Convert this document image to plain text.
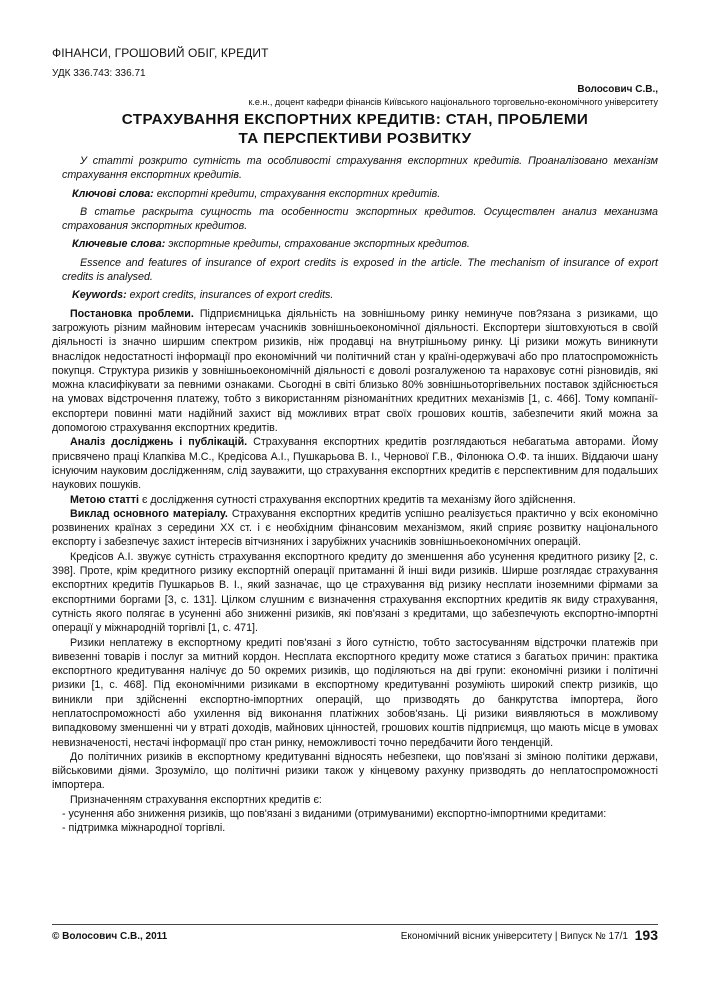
ФІНАНСИ, ГРОШОВИЙ ОБІГ, КРЕДИТ
УДК 336.743: 336.71
Волосович С.В.,
к.е.н., доцент кафедри фінансів Київського національного торговельно-економічного університету
СТРАХУВАННЯ ЕКСПОРТНИХ КРЕДИТІВ: СТАН, ПРОБЛЕМИ
ТА ПЕРСПЕКТИВИ РОЗВИТКУ

У статті розкрито сутність та особливості страхування експортних кредитів. Проаналізовано механізм страхування експортних кредитів.

Ключові слова: експортні кредити, страхування експортних кредитів.

В статье раскрыта сущность та особенности экспортных кредитов. Осуществлен анализ механизма страхования экспортных кредитов.

Ключевые слова: экспортные кредиты, страхование экспортных кредитов.

Essence and features of insurance of export credits is exposed in the article. The mechanism of insurance of export credits is analysed.

Keywords: export credits, insurances of export credits.

Постановка проблеми. Підприємницька діяльність на зовнішньому ринку неминуче пов?язана з ризиками, що загрожують різним майновим інтересам учасників зовнішньоекономічної діяльності. Експортери зіштовхуються в своїй діяльності із значно ширшим спектром ризиків, ніж продавці на внутрішньому ринку. Ці ризики можуть виникнути внаслідок недостатності інформації про економічний чи політичний стан у країні-одержувачі або про платоспроможність покупця. Структура ризиків у зовнішньоекономічній діяльності є доволі розгалуженою та нараховує сотні різновидів, які можна класифікувати за певними ознаками. Сьогодні в світі близько 80% зовнішньоторгівельних поставок здійснюється на умовах відстрочення платежу, тобто з використанням різноманітних кредитних механізмів [1, с. 466]. Тому компанії-експортери повинні мати надійний захист від можливих втрат своїх грошових коштів, забезпечити який можна за допомогою страхування експортних кредитів.

Аналіз досліджень і публікацій. Страхування експортних кредитів розглядаються небагатьма авторами. Йому присвячено праці Клапківа М.С., Кредісова А.І., Пушкарьова В. І., Чернової Г.В., Філонюка О.Ф. та інших. Віддаючи шану існуючим науковим дослідженням, слід зауважити, що страхування експортних кредитів є перспективним для подальших наукових пошуків.

Метою статті є дослідження сутності страхування експортних кредитів та механізму його здійснення.

Виклад основного матеріалу. Страхування експортних кредитів успішно реалізується практично у всіх економічно розвинених країнах з середини ХХ ст. і є необхідним фінансовим механізмом, який сприяє розвитку національного експорту і забезпечує захист інтересів вітчизняних і зарубіжних учасників зовнішньоекономічних операцій.

Кредісов А.І. звужує сутність страхування експортного кредиту до зменшення або усунення кредитного ризику [2, с. 398]. Проте, крім кредитного ризику експортній операції притаманні й інші види ризиків. Ширше розглядає страхування експортних кредитів Пушкарьов В. І., який зазначає, що це страхування від ризику несплати іноземними фірмами за експортними боргами [3, с. 131]. Цілком слушним є визначення страхування експортних кредитів як виду страхування, сутність якого полягає в усуненні або зниженні ризиків, які пов'язані з кредитами, що забезпечують експортно-імпортні операції у міжнародній торгівлі [1, с. 471].

Ризики неплатежу в експортному кредиті пов'язані з його сутністю, тобто застосуванням відстрочки платежів при вивезенні товарів і послуг за митний кордон. Несплата експортного кредиту може статися з багатьох причин: практика експортного кредитування налічує до 50 окремих ризиків, що поділяються на дві групи: економічні ризики і політичні ризики [1, с. 468]. Під економічними ризиками в експортному кредитуванні розуміють широкий спектр ризиків, що виникли при здійсненні експортно-імпортних операцій, що призводять до банкрутства імпортера, його неплатоспроможності або ухилення від виконання платіжних зобов'язань. Ці ризики виявляються в можливому випадковому зменшенні чи у втраті доходів, майнових цінностей, грошових коштів підприємця, що мають місце в умовах невизначеності, нестачі інформації про стан ринку, неможливості точно передбачити його тенденцій.

До політичних ризиків в експортному кредитуванні відносять небезпеки, що пов'язані зі зміною політики держави, військовими діями. Зрозуміло, що політичні ризики також у кінцевому рахунку призводять до неплатоспроможності імпортера.

Призначенням страхування експортних кредитів є:

- усунення або зниження ризиків, що пов'язані з виданими (отримуваними) експортно-імпортними кредитами:

- підтримка міжнародної торгівлі.

© Волосович С.В., 2011	Економічний вісник університету | Випуск № 17/1 193
